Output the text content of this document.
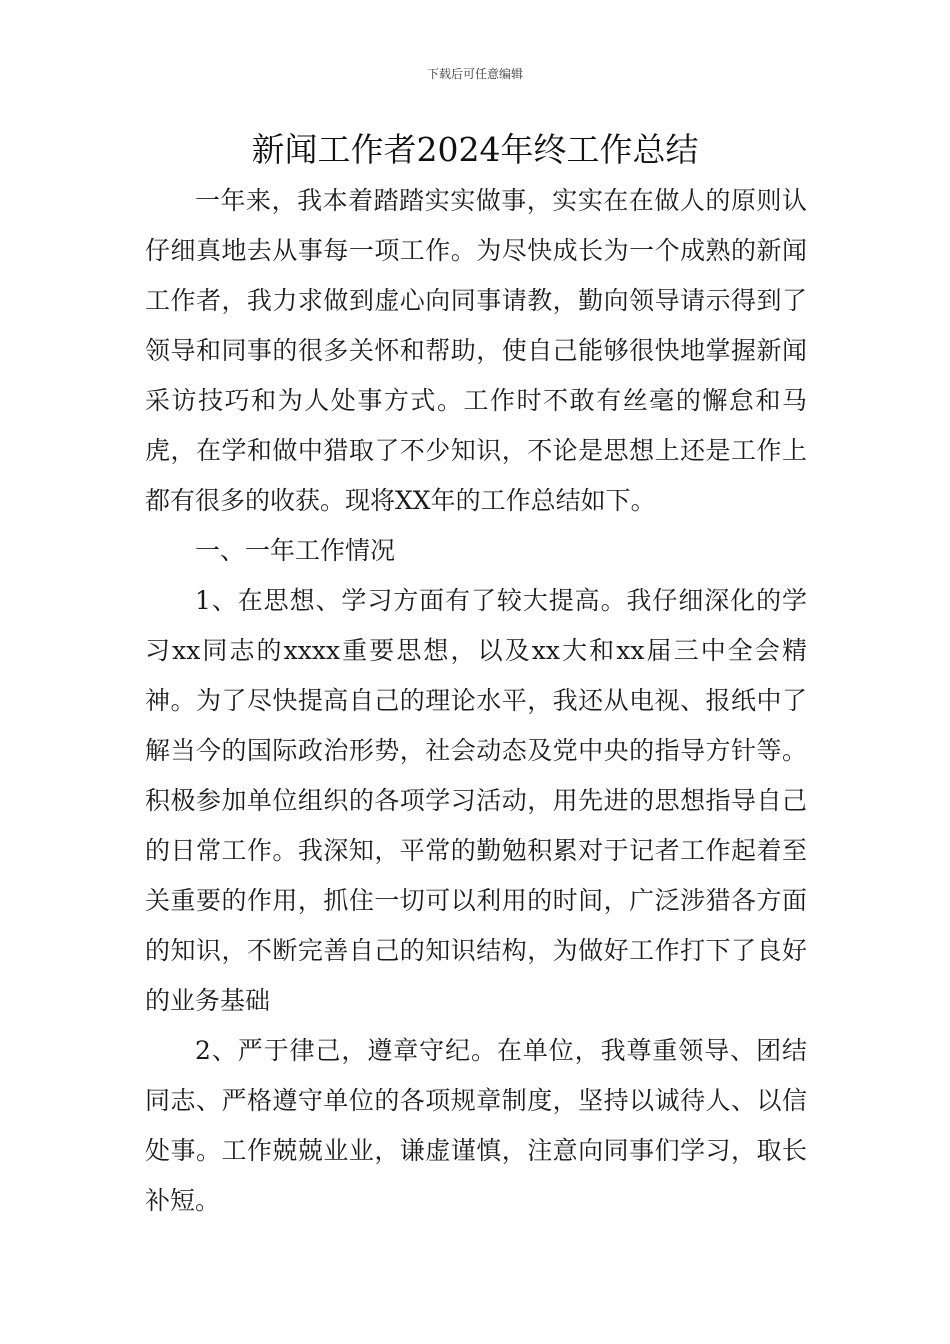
下载后可任意编辑
新闻工作者2024年终工作总结

一年来，我本着踏踏实实做事，实实在在做人的原则认仔细真地去从事每一项工作。为尽快成长为一个成熟的新闻工作者，我力求做到虚心向同事请教，勤向领导请示得到了领导和同事的很多关怀和帮助，使自己能够很快地掌握新闻采访技巧和为人处事方式。工作时不敢有丝毫的懈怠和马虎，在学和做中猎取了不少知识，不论是思想上还是工作上都有很多的收获。现将XX年的工作总结如下。

一、一年工作情况

1、在思想、学习方面有了较大提高。我仔细深化的学习xx同志的xxxx重要思想，以及xx大和xx届三中全会精神。为了尽快提高自己的理论水平，我还从电视、报纸中了解当今的国际政治形势，社会动态及党中央的指导方针等。积极参加单位组织的各项学习活动，用先进的思想指导自己的日常工作。我深知，平常的勤勉积累对于记者工作起着至关重要的作用，抓住一切可以利用的时间，广泛涉猎各方面的知识，不断完善自己的知识结构，为做好工作打下了良好的业务基础

2、严于律己，遵章守纪。在单位，我尊重领导、团结同志、严格遵守单位的各项规章制度，坚持以诚待人、以信处事。工作兢兢业业，谦虚谨慎，注意向同事们学习，取长补短。
